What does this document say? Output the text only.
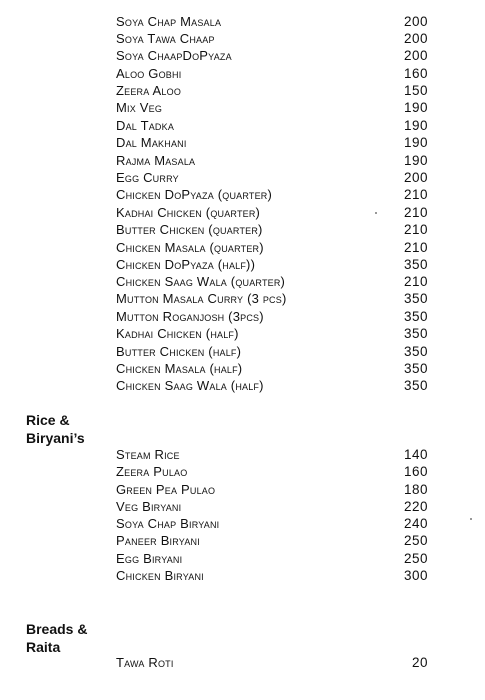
Soya Chap Masala	200
Soya Tawa Chaap	200
Soya ChaapDoPyaza	200
Aloo Gobhi	160
Zeera Aloo	150
Mix Veg	190
Dal Tadka	190
Dal Makhani	190
Rajma Masala	190
Egg Curry	200
Chicken DoPyaza (quarter)	210
Kadhai Chicken (quarter)	210
Butter Chicken (quarter)	210
Chicken Masala (quarter)	210
Chicken DoPyaza (half))	350
Chicken Saag Wala (quarter)	210
Mutton Masala Curry (3 pcs)	350
Mutton Roganjosh (3pcs)	350
Kadhai Chicken (half)	350
Butter Chicken (half)	350
Chicken Masala (half)	350
Chicken Saag Wala (half)	350
Rice &
Biryani’s
Steam Rice	140
Zeera Pulao	160
Green Pea Pulao	180
Veg Biryani	220
Soya Chap Biryani	240
Paneer Biryani	250
Egg Biryani	250
Chicken Biryani	300
Breads &
Raita
Tawa Roti	20
